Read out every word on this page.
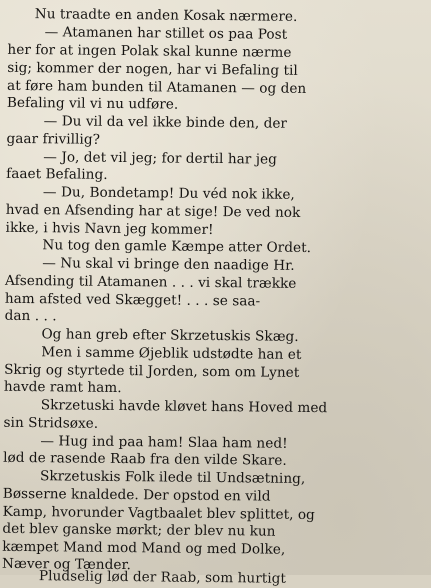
Nu traadte en anden Kosak nærmere.
— Atamanen har stillet os paa Post
her for at ingen Polak skal kunne nærme
sig; kommer der nogen, har vi Befaling til
at føre ham bunden til Atamanen — og den
Befaling vil vi nu udføre.
— Du vil da vel ikke binde den, der
gaar frivillig?
— Jo, det vil jeg; for dertil har jeg
faaet Befaling.
— Du, Bondetamp! Du véd nok ikke,
hvad en Afsending har at sige! De ved nok
ikke, i hvis Navn jeg kommer!
Nu tog den gamle Kæmpe atter Ordet.
— Nu skal vi bringe den naadige Hr.
Afsending til Atamanen . . . vi skal trække
ham afsted ved Skægget! . . . se saa-
dan . . .
Og han greb efter Skrzetuskis Skæg.
Men i samme Øjeblik udstødte han et
Skrig og styrtede til Jorden, som om Lynet
havde ramt ham.
Skrzetuski havde kløvet hans Hoved med
sin Stridsøxe.
— Hug ind paa ham! Slaa ham ned!
lød de rasende Raab fra den vilde Skare.
Skrzetuskis Folk ilede til Undsætning,
Bøsserne knaldede. Der opstod en vild
Kamp, hvorunder Vagtbaalet blev splittet, og
det blev ganske mørkt; der blev nu kun
kæmpet Mand mod Mand og med Dolke,
Næver og Tænder.
Pludselig lød der Raab, som hurtigt
